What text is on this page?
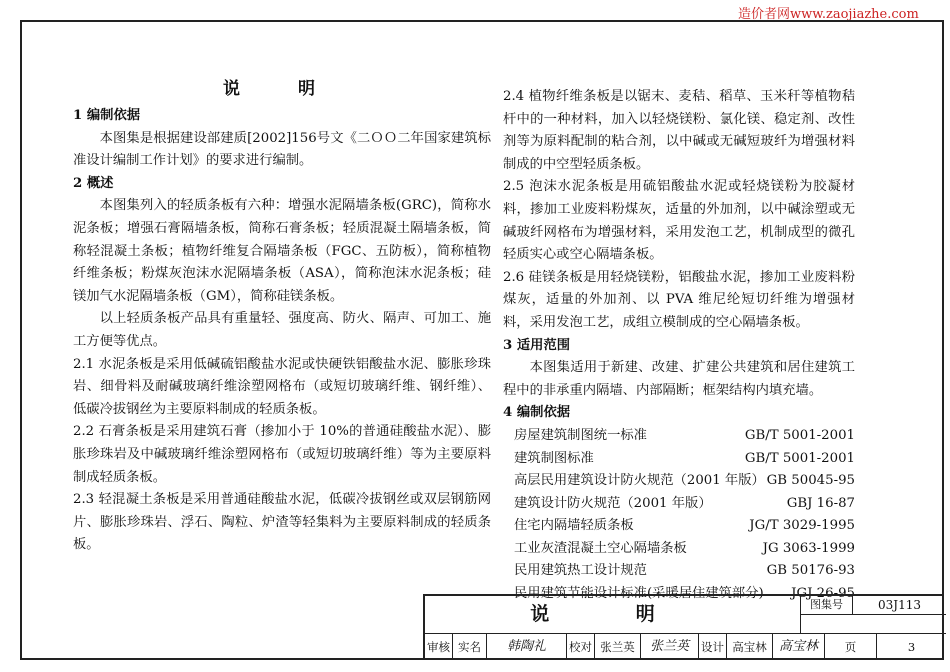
造价者网www.zaojiazhe.com
说 明

1 编制依据

本图集是根据建设部建质[2002]156号文《二ＯＯ二年国家建筑标准设计编制工作计划》的要求进行编制。

2 概述

本图集列入的轻质条板有六种：增强水泥隔墙条板(GRC)，简称水泥条板；增强石膏隔墙条板，简称石膏条板；轻质混凝土隔墙条板，简称轻混凝土条板；植物纤维复合隔墙条板（FGC、五防板），简称植物纤维条板；粉煤灰泡沫水泥隔墙条板（ASA），简称泡沫水泥条板；硅镁加气水泥隔墙条板（GM），简称硅镁条板。

以上轻质条板产品具有重量轻、强度高、防火、隔声、可加工、施工方便等优点。

2.1 水泥条板是采用低碱硫铝酸盐水泥或快硬铁铝酸盐水泥、膨胀珍珠岩、细骨料及耐碱玻璃纤维涂塑网格布（或短切玻璃纤维、钢纤维）、低碳冷拔钢丝为主要原料制成的轻质条板。

2.2 石膏条板是采用建筑石膏（掺加小于 10%的普通硅酸盐水泥）、膨胀珍珠岩及中碱玻璃纤维涂塑网格布（或短切玻璃纤维）等为主要原料制成轻质条板。

2.3 轻混凝土条板是采用普通硅酸盐水泥，低碳冷拔钢丝或双层钢筋网片、膨胀珍珠岩、浮石、陶粒、炉渣等轻集料为主要原料制成的轻质条板。

2.4 植物纤维条板是以锯末、麦秸、稻草、玉米秆等植物秸杆中的一种材料，加入以轻烧镁粉、氯化镁、稳定剂、改性剂等为原料配制的粘合剂，以中碱或无碱短玻纤为增强材料制成的中空型轻质条板。

2.5 泡沫水泥条板是用硫铝酸盐水泥或轻烧镁粉为胶凝材料，掺加工业废料粉煤灰，适量的外加剂，以中碱涂塑或无碱玻纤网格布为增强材料，采用发泡工艺，机制成型的微孔轻质实心或空心隔墙条板。

2.6 硅镁条板是用轻烧镁粉，铝酸盐水泥，掺加工业废料粉煤灰，适量的外加剂、以 PVA 维尼纶短切纤维为增强材料，采用发泡工艺，成组立模制成的空心隔墙条板。

3 适用范围

本图集适用于新建、改建、扩建公共建筑和居住建筑工程中的非承重内隔墙、内部隔断；框架结构内填充墙。

4 编制依据

房屋建筑制图统一标准	GB/T 5001-2001
建筑制图标准	GB/T 5001-2001
高层民用建筑设计防火规范（2001 年版） GB 50045-95
建筑设计防火规范（2001 年版）	GBJ 16-87
住宅内隔墙轻质条板	JG/T 3029-1995
工业灰渣混凝土空心隔墙条板	JG 3063-1999
民用建筑热工设计规范	GB 50176-93
民用建筑节能设计标准(采暖居住建筑部分) JGJ 26-95
说 明	图集号	03J113
审核 实名	韩陶礼	校对 张兰英	张兰英	设计 高宝林 高宝林	页	3
